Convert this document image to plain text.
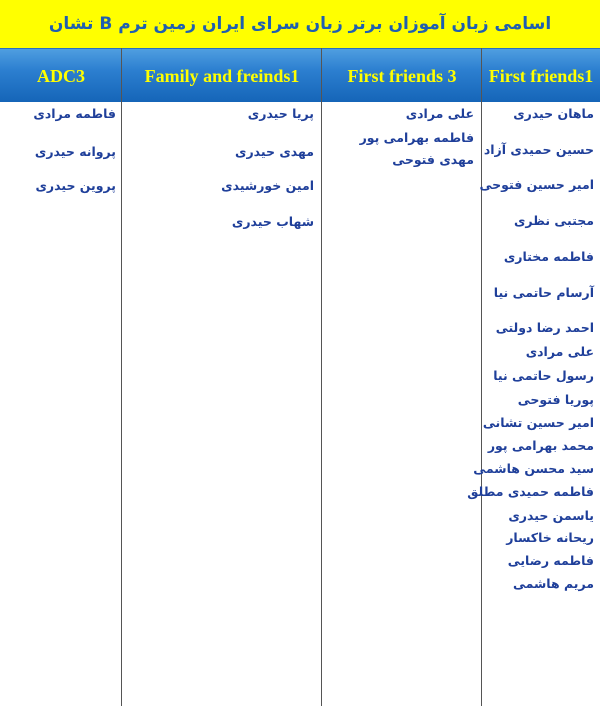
اسامی زبان آموزان برتر زبان سرای ایران زمین ترم B تشان
First friends1
First friends 3
Family and freinds1
ADC3
ماهان حیدری
حسین حمیدی آزاد
امیر حسین فتوحی
مجتبی نظری
فاطمه مختاری
آرسام حاتمی نیا
احمد رضا دولتی
علی مرادی
رسول حاتمی نیا
پوریا فتوحی
امیر حسین تشانی
محمد بهرامی پور
سید محسن هاشمی
فاطمه حمیدی مطلق
یاسمن حیدری
ریحانه خاکسار
فاطمه رضایی
مریم هاشمی
علی مرادی
فاطمه بهرامی پور
مهدی فتوحی
پریا حیدری
مهدی حیدری
امین خورشیدی
شهاب حیدری
فاطمه مرادی
پروانه حیدری
پروین حیدری
